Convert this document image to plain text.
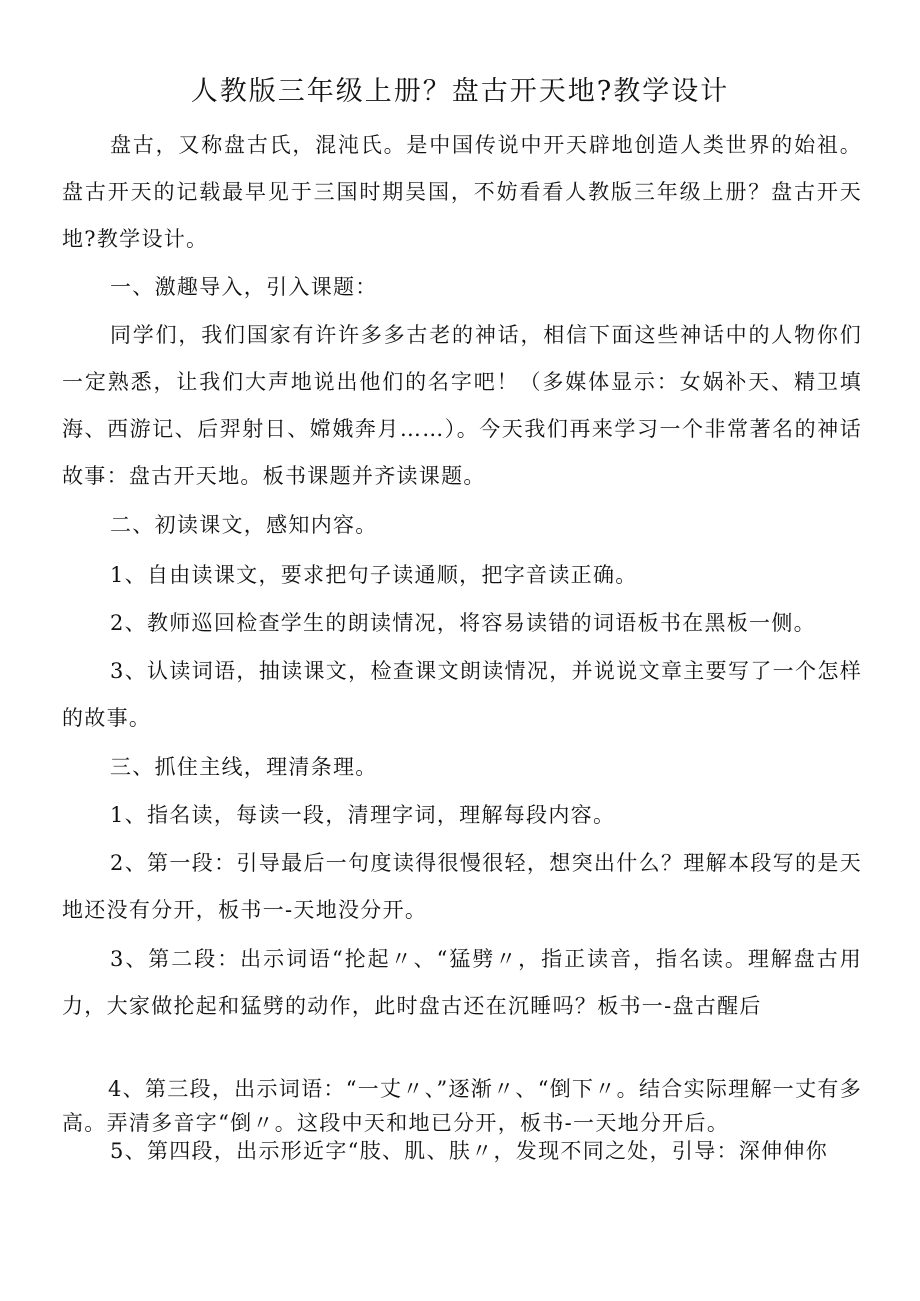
人教版三年级上册？盘古开天地?教学设计

盘古，又称盘古氏，混沌氏。是中国传说中开天辟地创造人类世界的始祖。盘古开天的记载最早见于三国时期吴国，不妨看看人教版三年级上册？盘古开天地?教学设计。

一、激趣导入，引入课题：

同学们，我们国家有许许多多古老的神话，相信下面这些神话中的人物你们一定熟悉，让我们大声地说出他们的名字吧！（多媒体显示：女娲补天、精卫填海、西游记、后羿射日、嫦娥奔月……）。今天我们再来学习一个非常著名的神话故事：盘古开天地。板书课题并齐读课题。

二、初读课文，感知内容。

1、自由读课文，要求把句子读通顺，把字音读正确。

2、教师巡回检查学生的朗读情况，将容易读错的词语板书在黑板一侧。

3、认读词语，抽读课文，检查课文朗读情况，并说说文章主要写了一个怎样的故事。

三、抓住主线，理清条理。

1、指名读，每读一段，清理字词，理解每段内容。

2、第一段：引导最后一句度读得很慢很轻，想突出什么？理解本段写的是天地还没有分开，板书一-天地没分开。

3、第二段：出示词语“抡起〃、“猛劈〃，指正读音，指名读。理解盘古用力，大家做抡起和猛劈的动作，此时盘古还在沉睡吗？板书一-盘古醒后

4、第三段，出示词语：“一丈〃、”逐渐〃、“倒下〃。结合实际理解一丈有多高。弄清多音字“倒〃。这段中天和地已分开，板书-一天地分开后。

5、第四段，出示形近字“肢、肌、肤〃，发现不同之处，引导：深伸伸你
